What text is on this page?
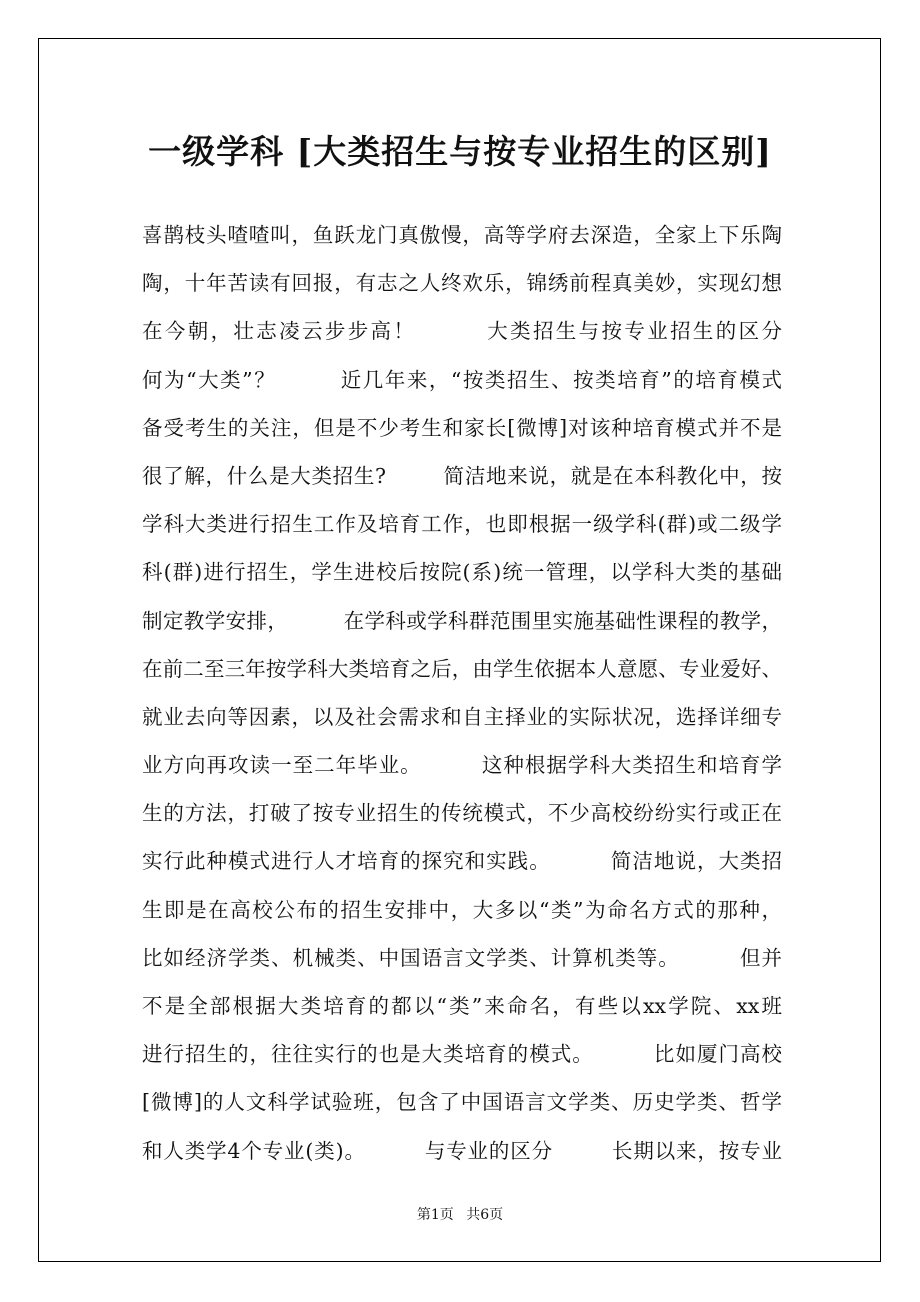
一级学科 [大类招生与按专业招生的区别]
喜鹊枝头喳喳叫，鱼跃龙门真傲慢，高等学府去深造，全家上下乐陶
陶，十年苦读有回报，有志之人终欢乐，锦绣前程真美妙，实现幻想
在今朝，壮志凌云步步高！        大类招生与按专业招生的区分
何为“大类”？        近几年来，“按类招生、按类培育”的培育模式
备受考生的关注，但是不少考生和家长[微博]对该种培育模式并不是
很了解，什么是大类招生?        简洁地来说，就是在本科教化中，按
学科大类进行招生工作及培育工作，也即根据一级学科(群)或二级学
科(群)进行招生，学生进校后按院(系)统一管理，以学科大类的基础
制定教学安排，        在学科或学科群范围里实施基础性课程的教学，
在前二至三年按学科大类培育之后，由学生依据本人意愿、专业爱好、
就业去向等因素，以及社会需求和自主择业的实际状况，选择详细专
业方向再攻读一至二年毕业。        这种根据学科大类招生和培育学
生的方法，打破了按专业招生的传统模式，不少高校纷纷实行或正在
实行此种模式进行人才培育的探究和实践。        简洁地说，大类招
生即是在高校公布的招生安排中，大多以“类”为命名方式的那种，
比如经济学类、机械类、中国语言文学类、计算机类等。        但并
不是全部根据大类培育的都以“类”来命名，有些以xx学院、xx班
进行招生的，往往实行的也是大类培育的模式。        比如厦门高校
[微博]的人文科学试验班，包含了中国语言文学类、历史学类、哲学
和人类学4个专业(类)。        与专业的区分        长期以来，按专业
第1页 共6页
